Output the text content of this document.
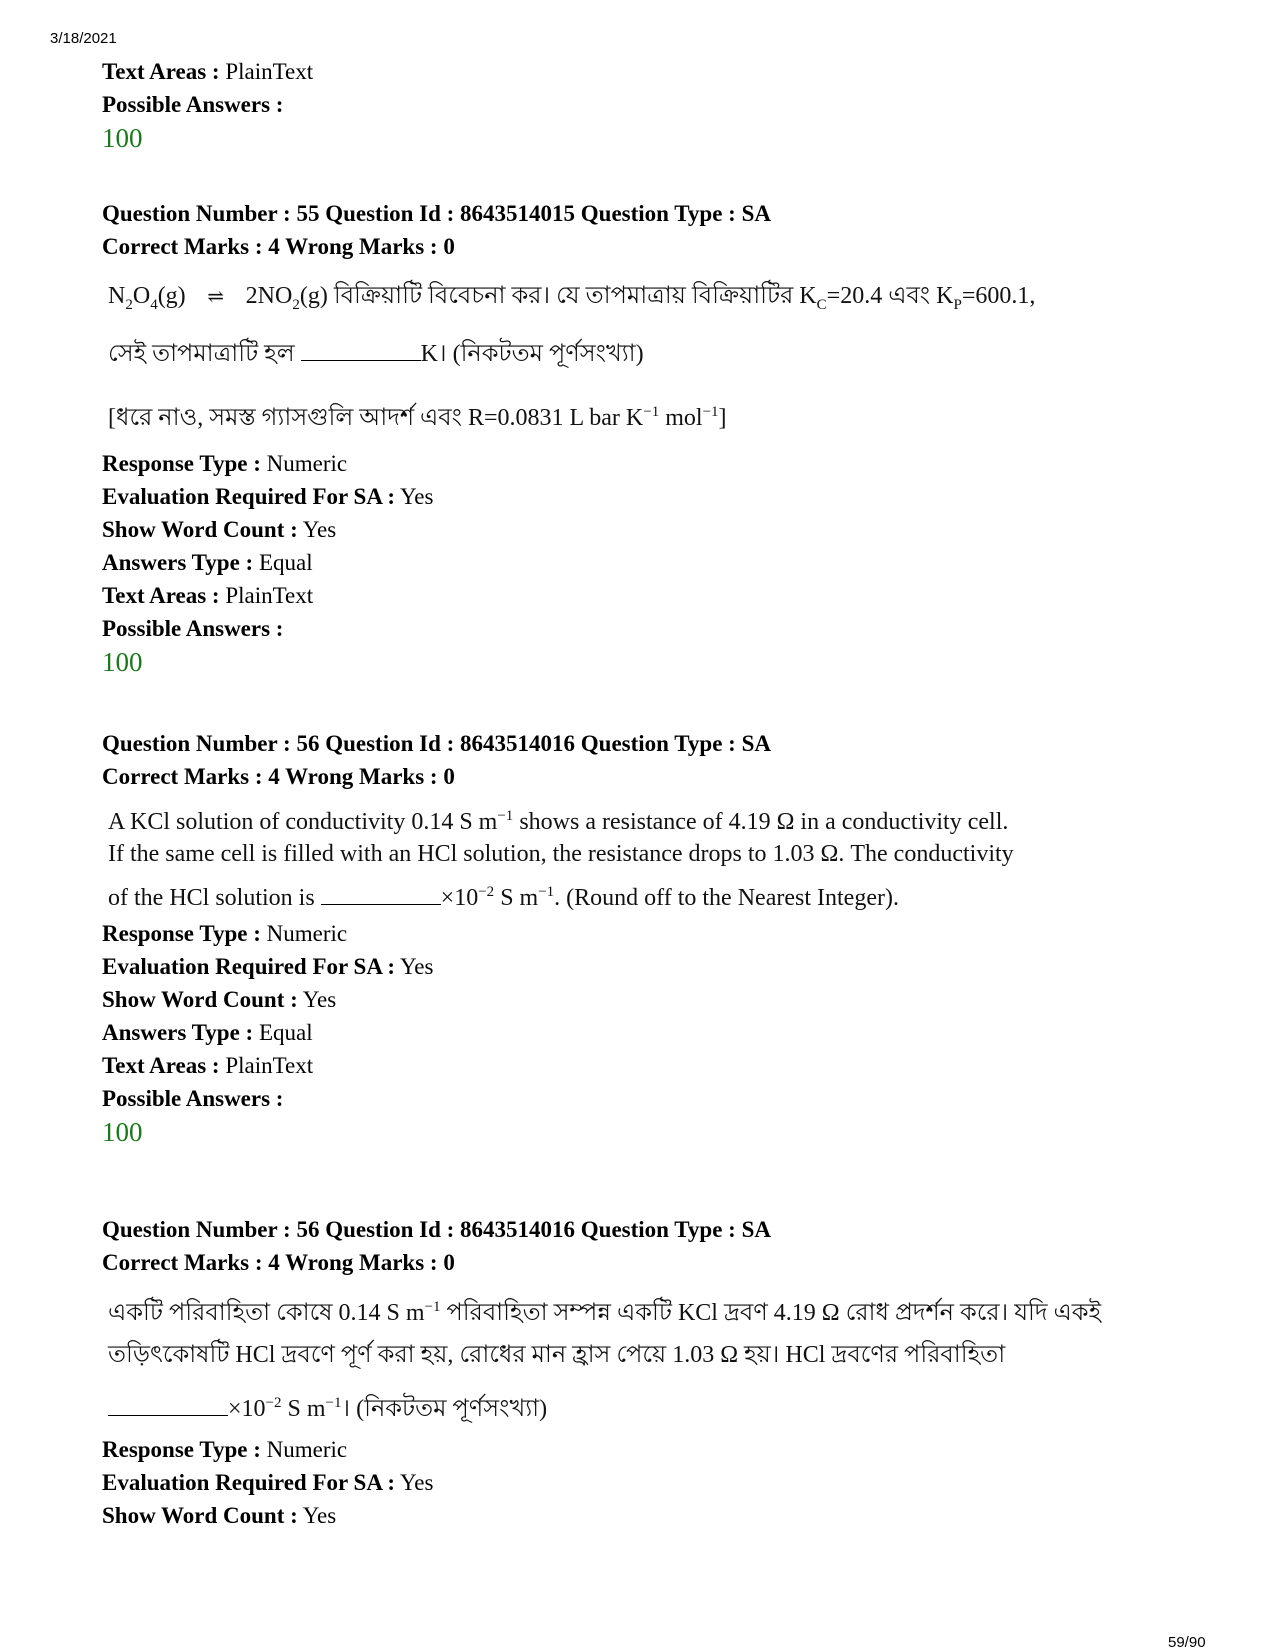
3/18/2021
Text Areas : PlainText
Possible Answers :
100
Question Number : 55 Question Id : 8643514015 Question Type : SA
Correct Marks : 4 Wrong Marks : 0
$N_2O_4(g)$ ⇌ $2NO_2(g)$ বিক্রিয়াটি বিবেচনা কর। যে তাপমাত্রায় বিক্রিয়াটির $K_C=20.4$ এবং $K_P=600.1$,
সেই তাপমাত্রাটি হল	K। (নিকটতম পূর্ণসংখ্যা)
[ধরে নাও, সমস্ত গ্যাসগুলি আদর্শ এবং R=0.0831 L bar $K^{-1}$ mol$^{-1}$]
Response Type : Numeric
Evaluation Required For SA : Yes
Show Word Count : Yes
Answers Type : Equal
Text Areas : PlainText
Possible Answers :
100
Question Number : 56 Question Id : 8643514016 Question Type : SA
Correct Marks : 4 Wrong Marks : 0
A KCl solution of conductivity 0.14 S $m^{-1}$ shows a resistance of 4.19 Ω in a conductivity cell.
If the same cell is filled with an HCl solution, the resistance drops to 1.03 Ω. The conductivity
of the HCl solution is	$\times 10^{-2}$ S $m^{-1}$. (Round off to the Nearest Integer).
Response Type : Numeric
Evaluation Required For SA : Yes
Show Word Count : Yes
Answers Type : Equal
Text Areas : PlainText
Possible Answers :
100
Question Number : 56 Question Id : 8643514016 Question Type : SA
Correct Marks : 4 Wrong Marks : 0
একটি পরিবাহিতা কোষে 0.14 S $m^{-1}$ পরিবাহিতা সম্পন্ন একটি KCl দ্রবণ 4.19 Ω রোধ প্রদর্শন করে। যদি একই
তড়িৎকোষটি HCl দ্রবণে পূর্ণ করা হয়, রোধের মান হ্রাস পেয়ে 1.03 Ω হয়। HCl দ্রবণের পরিবাহিতা
$\times 10^{-2}$ S $m^{-1}।$ (নিকটতম পূর্ণসংখ্যা)
Response Type : Numeric
Evaluation Required For SA : Yes
Show Word Count : Yes
59/90
